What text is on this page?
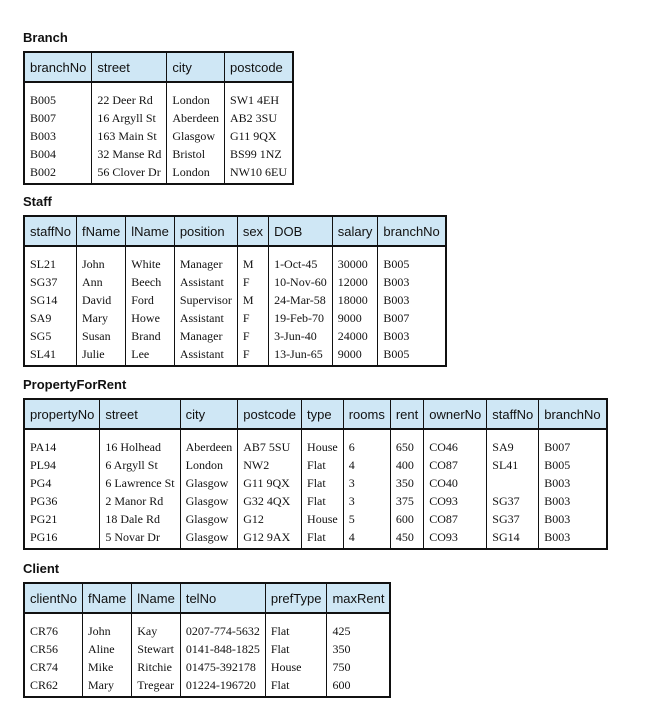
Branch
branchNo	street	city	postcode
B005	22 Deer Rd	London	SW1 4EH
B007	16 Argyll St	Aberdeen	AB2 3SU
B003	163 Main St	Glasgow	G11 9QX
B004	32 Manse Rd	Bristol	BS99 1NZ
B002	56 Clover Dr	London	NW10 6EU
Staff
staffNo	fName	lName	position	sex	DOB	salary	branchNo
SL21	John	White	Manager	M	1-Oct-45	30000	B005
SG37	Ann	Beech	Assistant	F	10-Nov-60	12000	B003
SG14	David	Ford	Supervisor	M	24-Mar-58	18000	B003
SA9	Mary	Howe	Assistant	F	19-Feb-70	9000	B007
SG5	Susan	Brand	Manager	F	3-Jun-40	24000	B003
SL41	Julie	Lee	Assistant	F	13-Jun-65	9000	B005
PropertyForRent
propertyNo	street	city	postcode	type	rooms	rent	ownerNo	staffNo	branchNo
PA14	16 Holhead	Aberdeen	AB7 5SU	House	6	650	CO46	SA9	B007
PL94	6 Argyll St	London	NW2	Flat	4	400	CO87	SL41	B005
PG4	6 Lawrence St	Glasgow	G11 9QX	Flat	3	350	CO40		B003
PG36	2 Manor Rd	Glasgow	G32 4QX	Flat	3	375	CO93	SG37	B003
PG21	18 Dale Rd	Glasgow	G12	House	5	600	CO87	SG37	B003
PG16	5 Novar Dr	Glasgow	G12 9AX	Flat	4	450	CO93	SG14	B003
Client
clientNo	fName	lName	telNo	prefType	maxRent
CR76	John	Kay	0207-774-5632	Flat	425
CR56	Aline	Stewart	0141-848-1825	Flat	350
CR74	Mike	Ritchie	01475-392178	House	750
CR62	Mary	Tregear	01224-196720	Flat	600
